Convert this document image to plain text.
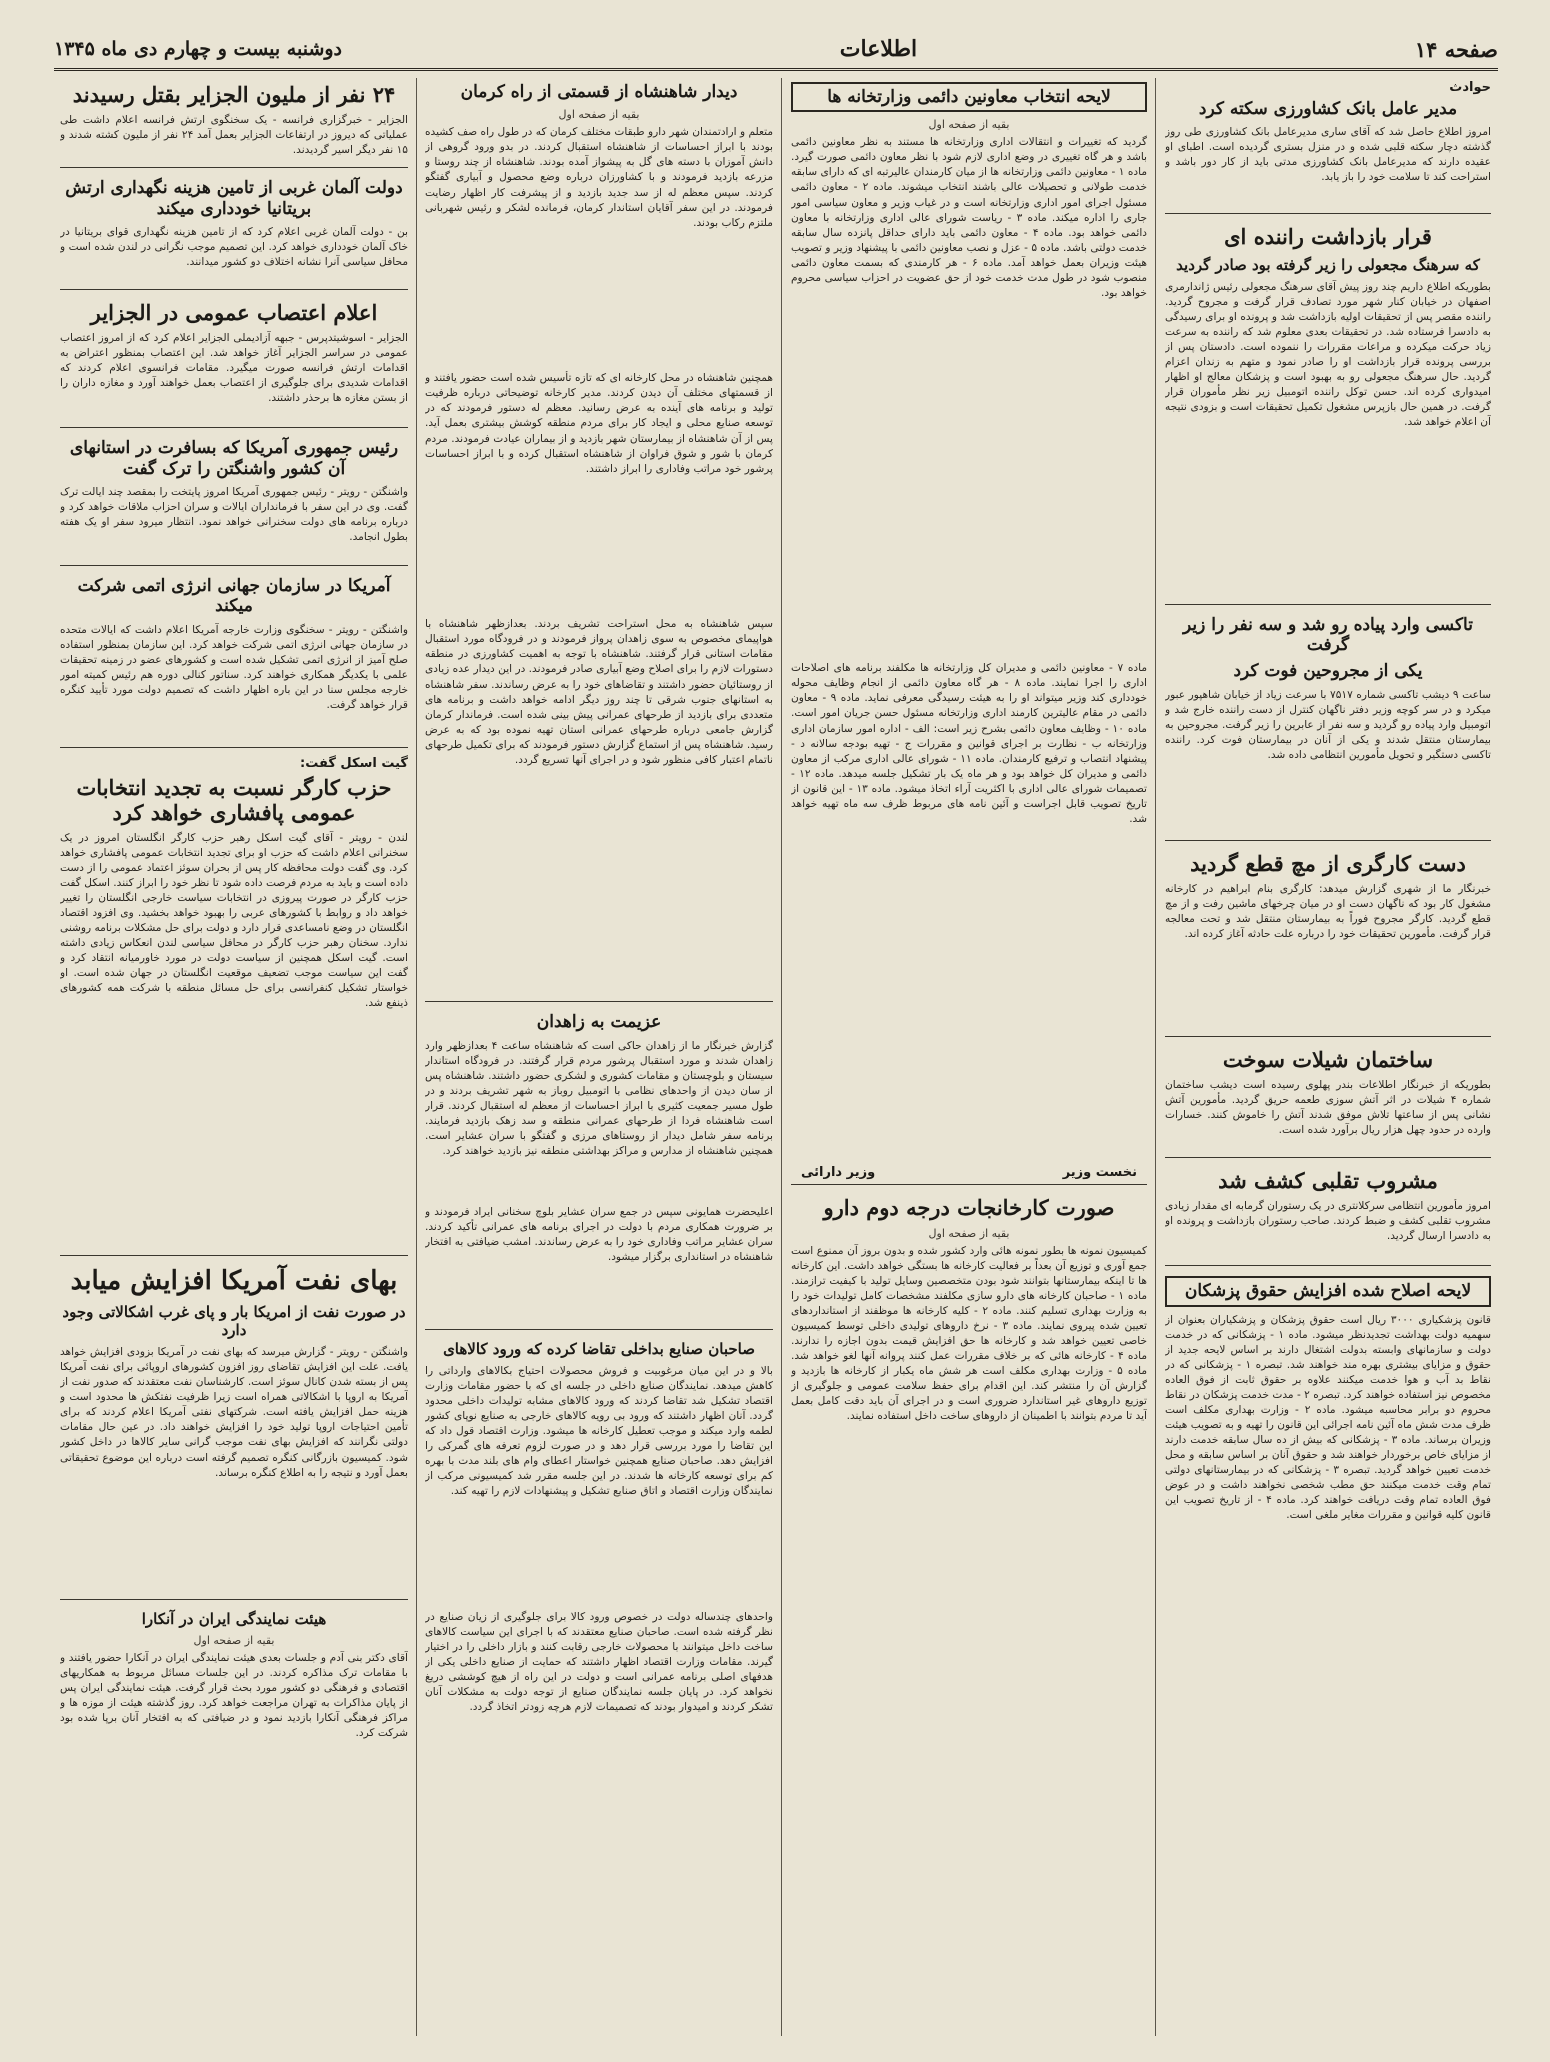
صفحه ۱۴
اطلاعات
دوشنبه بیست و چهارم دی ماه ۱۳۴۵
حوادث
مدیر عامل بانک کشاورزی سکته کرد

امروز اطلاع حاصل شد که آقای ساری مدیرعامل بانک کشاورزی طی روز گذشته دچار سکته قلبی شده و در منزل بستری گردیده است. اطبای او عقیده دارند که مدیرعامل بانک کشاورزی مدتی باید از کار دور باشد و استراحت کند تا سلامت خود را باز یابد.

قرار بازداشت راننده ای
که سرهنگ مجعولی را زیر گرفته بود صادر گردید

بطوریکه اطلاع داریم چند روز پیش آقای سرهنگ مجعولی رئیس ژاندارمری اصفهان در خیابان کنار شهر مورد تصادف قرار گرفت و مجروح گردید. راننده مقصر پس از تحقیقات اولیه بازداشت شد و پرونده او برای رسیدگی به دادسرا فرستاده شد. در تحقیقات بعدی معلوم شد که راننده به سرعت زیاد حرکت میکرده و مراعات مقررات را ننموده است. دادستان پس از بررسی پرونده قرار بازداشت او را صادر نمود و متهم به زندان اعزام گردید. حال سرهنگ مجعولی رو به بهبود است و پزشکان معالج او اظهار امیدواری کرده اند. حسن توکل راننده اتومبیل زیر نظر مأموران قرار گرفت. در همین حال بازپرس مشغول تکمیل تحقیقات است و بزودی نتیجه آن اعلام خواهد شد.

تاکسی وارد پیاده رو شد و سه نفر را زیر گرفت
یکی از مجروحین فوت کرد

ساعت ۹ دیشب تاکسی شماره ۷۵۱۷ با سرعت زیاد از خیابان شاهپور عبور میکرد و در سر کوچه وزیر دفتر ناگهان کنترل از دست راننده خارج شد و اتومبیل وارد پیاده رو گردید و سه نفر از عابرین را زیر گرفت. مجروحین به بیمارستان منتقل شدند و یکی از آنان در بیمارستان فوت کرد. راننده تاکسی دستگیر و تحویل مأمورین انتظامی داده شد.

دست کارگری از مچ قطع گردید

خبرنگار ما از شهری گزارش میدهد: کارگری بنام ابراهیم در کارخانه مشغول کار بود که ناگهان دست او در میان چرخهای ماشین رفت و از مچ قطع گردید. کارگر مجروح فوراً به بیمارستان منتقل شد و تحت معالجه قرار گرفت. مأمورین تحقیقات خود را درباره علت حادثه آغاز کرده اند.

ساختمان شیلات سوخت

بطوریکه از خبرنگار اطلاعات بندر پهلوی رسیده است دیشب ساختمان شماره ۴ شیلات در اثر آتش سوزی طعمه حریق گردید. مأمورین آتش نشانی پس از ساعتها تلاش موفق شدند آتش را خاموش کنند. خسارات وارده در حدود چهل هزار ریال برآورد شده است.

مشروب تقلبی کشف شد

امروز مأمورین انتظامی سرکلانتری در یک رستوران گرمابه ای مقدار زیادی مشروب تقلبی کشف و ضبط کردند. صاحب رستوران بازداشت و پرونده او به دادسرا ارسال گردید.

لایحه اصلاح شده افزایش حقوق پزشکان

قانون پزشکیاری ۳۰۰۰ ریال است حقوق پزشکان و پزشکیاران بعنوان از سهمیه دولت بهداشت تجدیدنظر میشود. ماده ۱ - پزشکانی که در خدمت دولت و سازمانهای وابسته بدولت اشتغال دارند بر اساس لایحه جدید از حقوق و مزایای بیشتری بهره مند خواهند شد. تبصره ۱ - پزشکانی که در نقاط بد آب و هوا خدمت میکنند علاوه بر حقوق ثابت از فوق العاده مخصوص نیز استفاده خواهند کرد. تبصره ۲ - مدت خدمت پزشکان در نقاط محروم دو برابر محاسبه میشود. ماده ۲ - وزارت بهداری مکلف است ظرف مدت شش ماه آئین نامه اجرائی این قانون را تهیه و به تصویب هیئت وزیران برساند. ماده ۳ - پزشکانی که بیش از ده سال سابقه خدمت دارند از مزایای خاص برخوردار خواهند شد و حقوق آنان بر اساس سابقه و محل خدمت تعیین خواهد گردید. تبصره ۳ - پزشکانی که در بیمارستانهای دولتی تمام وقت خدمت میکنند حق مطب شخصی نخواهند داشت و در عوض فوق العاده تمام وقت دریافت خواهند کرد. ماده ۴ - از تاریخ تصویب این قانون کلیه قوانین و مقررات مغایر ملغی است.

لایحه انتخاب معاونین دائمی وزارتخانه ها
بقیه از صفحه اول

گردید که تغییرات و انتقالات اداری وزارتخانه ها مستند به نظر معاونین دائمی باشد و هر گاه تغییری در وضع اداری لازم شود با نظر معاون دائمی صورت گیرد. ماده ۱ - معاونین دائمی وزارتخانه ها از میان کارمندان عالیرتبه ای که دارای سابقه خدمت طولانی و تحصیلات عالی باشند انتخاب میشوند. ماده ۲ - معاون دائمی مسئول اجرای امور اداری وزارتخانه است و در غیاب وزیر و معاون سیاسی امور جاری را اداره میکند. ماده ۳ - ریاست شورای عالی اداری وزارتخانه با معاون دائمی خواهد بود. ماده ۴ - معاون دائمی باید دارای حداقل پانزده سال سابقه خدمت دولتی باشد. ماده ۵ - عزل و نصب معاونین دائمی با پیشنهاد وزیر و تصویب هیئت وزیران بعمل خواهد آمد. ماده ۶ - هر کارمندی که بسمت معاون دائمی منصوب شود در طول مدت خدمت خود از حق عضویت در احزاب سیاسی محروم خواهد بود.

ماده ۷ - معاونین دائمی و مدیران کل وزارتخانه ها مکلفند برنامه های اصلاحات اداری را اجرا نمایند. ماده ۸ - هر گاه معاون دائمی از انجام وظایف محوله خودداری کند وزیر میتواند او را به هیئت رسیدگی معرفی نماید. ماده ۹ - معاون دائمی در مقام عالیترین کارمند اداری وزارتخانه مسئول حسن جریان امور است. ماده ۱۰ - وظایف معاون دائمی بشرح زیر است: الف - اداره امور سازمان اداری وزارتخانه ب - نظارت بر اجرای قوانین و مقررات ج - تهیه بودجه سالانه د - پیشنهاد انتصاب و ترفیع کارمندان. ماده ۱۱ - شورای عالی اداری مرکب از معاون دائمی و مدیران کل خواهد بود و هر ماه یک بار تشکیل جلسه میدهد. ماده ۱۲ - تصمیمات شورای عالی اداری با اکثریت آراء اتخاذ میشود. ماده ۱۳ - این قانون از تاریخ تصویب قابل اجراست و آئین نامه های مربوط ظرف سه ماه تهیه خواهد شد.

نخست وزیر
وزیر دارائی
صورت کارخانجات درجه دوم دارو
بقیه از صفحه اول

کمیسیون نمونه ها بطور نمونه هائی وارد کشور شده و بدون بروز آن ممنوع است جمع آوری و توزیع آن بعداً بر فعالیت کارخانه ها بستگی خواهد داشت. این کارخانه ها تا اینکه بیمارستانها بتوانند شود بودن متخصصین وسایل تولید با کیفیت ترازمند. ماده ۱ - صاحبان کارخانه های دارو سازی مکلفند مشخصات کامل تولیدات خود را به وزارت بهداری تسلیم کنند. ماده ۲ - کلیه کارخانه ها موظفند از استانداردهای تعیین شده پیروی نمایند. ماده ۳ - نرخ داروهای تولیدی داخلی توسط کمیسیون خاصی تعیین خواهد شد و کارخانه ها حق افزایش قیمت بدون اجازه را ندارند. ماده ۴ - کارخانه هائی که بر خلاف مقررات عمل کنند پروانه آنها لغو خواهد شد. ماده ۵ - وزارت بهداری مکلف است هر شش ماه یکبار از کارخانه ها بازدید و گزارش آن را منتشر کند. این اقدام برای حفظ سلامت عمومی و جلوگیری از توزیع داروهای غیر استاندارد ضروری است و در اجرای آن باید دقت کامل بعمل آید تا مردم بتوانند با اطمینان از داروهای ساخت داخل استفاده نمایند.

دیدار شاهنشاه از قسمتی از راه کرمان
بقیه از صفحه اول

متعلم و ارادتمندان شهر دارو طبقات مختلف کرمان که در طول راه صف کشیده بودند با ابراز احساسات از شاهنشاه استقبال کردند. در بدو ورود گروهی از دانش آموزان با دسته های گل به پیشواز آمده بودند. شاهنشاه از چند روستا و مزرعه بازدید فرمودند و با کشاورزان درباره وضع محصول و آبیاری گفتگو کردند. سپس معظم له از سد جدید بازدید و از پیشرفت کار اظهار رضایت فرمودند. در این سفر آقایان استاندار کرمان، فرمانده لشکر و رئیس شهربانی ملتزم رکاب بودند.

همچنین شاهنشاه در محل کارخانه ای که تازه تأسیس شده است حضور یافتند و از قسمتهای مختلف آن دیدن کردند. مدیر کارخانه توضیحاتی درباره ظرفیت تولید و برنامه های آینده به عرض رسانید. معظم له دستور فرمودند که در توسعه صنایع محلی و ایجاد کار برای مردم منطقه کوشش بیشتری بعمل آید. پس از آن شاهنشاه از بیمارستان شهر بازدید و از بیماران عیادت فرمودند. مردم کرمان با شور و شوق فراوان از شاهنشاه استقبال کرده و با ابراز احساسات پرشور خود مراتب وفاداری را ابراز داشتند.

سپس شاهنشاه به محل استراحت تشریف بردند. بعدازظهر شاهنشاه با هواپیمای مخصوص به سوی زاهدان پرواز فرمودند و در فرودگاه مورد استقبال مقامات استانی قرار گرفتند. شاهنشاه با توجه به اهمیت کشاورزی در منطقه دستورات لازم را برای اصلاح وضع آبیاری صادر فرمودند. در این دیدار عده زیادی از روستائیان حضور داشتند و تقاضاهای خود را به عرض رساندند. سفر شاهنشاه به استانهای جنوب شرقی تا چند روز دیگر ادامه خواهد داشت و برنامه های متعددی برای بازدید از طرحهای عمرانی پیش بینی شده است. فرماندار کرمان گزارش جامعی درباره طرحهای عمرانی استان تهیه نموده بود که به عرض رسید. شاهنشاه پس از استماع گزارش دستور فرمودند که برای تکمیل طرحهای ناتمام اعتبار کافی منظور شود و در اجرای آنها تسریع گردد.

عزیمت به زاهدان

گزارش خبرنگار ما از زاهدان حاکی است که شاهنشاه ساعت ۴ بعدازظهر وارد زاهدان شدند و مورد استقبال پرشور مردم قرار گرفتند. در فرودگاه استاندار سیستان و بلوچستان و مقامات کشوری و لشکری حضور داشتند. شاهنشاه پس از سان دیدن از واحدهای نظامی با اتومبیل روباز به شهر تشریف بردند و در طول مسیر جمعیت کثیری با ابراز احساسات از معظم له استقبال کردند. قرار است شاهنشاه فردا از طرحهای عمرانی منطقه و سد زهک بازدید فرمایند. برنامه سفر شامل دیدار از روستاهای مرزی و گفتگو با سران عشایر است. همچنین شاهنشاه از مدارس و مراکز بهداشتی منطقه نیز بازدید خواهند کرد.

اعلیحضرت همایونی سپس در جمع سران عشایر بلوچ سخنانی ایراد فرمودند و بر ضرورت همکاری مردم با دولت در اجرای برنامه های عمرانی تأکید کردند. سران عشایر مراتب وفاداری خود را به عرض رساندند. امشب ضیافتی به افتخار شاهنشاه در استانداری برگزار میشود.

صاحبان صنایع بداخلی تقاضا کرده که ورود کالاهای

بالا و در این میان مرغوبیت و فروش محصولات احتیاج بکالاهای وارداتی را کاهش میدهد. نمایندگان صنایع داخلی در جلسه ای که با حضور مقامات وزارت اقتصاد تشکیل شد تقاضا کردند که ورود کالاهای مشابه تولیدات داخلی محدود گردد. آنان اظهار داشتند که ورود بی رویه کالاهای خارجی به صنایع نوپای کشور لطمه وارد میکند و موجب تعطیل کارخانه ها میشود. وزارت اقتصاد قول داد که این تقاضا را مورد بررسی قرار دهد و در صورت لزوم تعرفه های گمرکی را افزایش دهد. صاحبان صنایع همچنین خواستار اعطای وام های بلند مدت با بهره کم برای توسعه کارخانه ها شدند. در این جلسه مقرر شد کمیسیونی مرکب از نمایندگان وزارت اقتصاد و اتاق صنایع تشکیل و پیشنهادات لازم را تهیه کند.

واحدهای چندساله دولت در خصوص ورود کالا برای جلوگیری از زیان صنایع در نظر گرفته شده است. صاحبان صنایع معتقدند که با اجرای این سیاست کالاهای ساخت داخل میتوانند با محصولات خارجی رقابت کنند و بازار داخلی را در اختیار گیرند. مقامات وزارت اقتصاد اظهار داشتند که حمایت از صنایع داخلی یکی از هدفهای اصلی برنامه عمرانی است و دولت در این راه از هیچ کوششی دریغ نخواهد کرد. در پایان جلسه نمایندگان صنایع از توجه دولت به مشکلات آنان تشکر کردند و امیدوار بودند که تصمیمات لازم هرچه زودتر اتخاذ گردد.

۲۴ نفر از ملیون الجزایر بقتل رسیدند

الجزایر - خبرگزاری فرانسه - یک سخنگوی ارتش فرانسه اعلام داشت طی عملیاتی که دیروز در ارتفاعات الجزایر بعمل آمد ۲۴ نفر از ملیون کشته شدند و ۱۵ نفر دیگر اسیر گردیدند.

دولت آلمان غربی از تامین هزینه نگهداری ارتش بریتانیا خودداری میکند

بن - دولت آلمان غربی اعلام کرد که از تامین هزینه نگهداری قوای بریتانیا در خاک آلمان خودداری خواهد کرد. این تصمیم موجب نگرانی در لندن شده است و محافل سیاسی آنرا نشانه اختلاف دو کشور میدانند.

اعلام اعتصاب عمومی در الجزایر

الجزایر - اسوشیتدپرس - جبهه آزادیملی الجزایر اعلام کرد که از امروز اعتصاب عمومی در سراسر الجزایر آغاز خواهد شد. این اعتصاب بمنظور اعتراض به اقدامات ارتش فرانسه صورت میگیرد. مقامات فرانسوی اعلام کردند که اقدامات شدیدی برای جلوگیری از اعتصاب بعمل خواهند آورد و مغازه داران را از بستن مغازه ها برحذر داشتند.

رئیس جمهوری آمریکا که بسافرت در استانهای آن کشور واشنگتن را ترک گفت

واشنگتن - رویتر - رئیس جمهوری آمریکا امروز پایتخت را بمقصد چند ایالت ترک گفت. وی در این سفر با فرمانداران ایالات و سران احزاب ملاقات خواهد کرد و درباره برنامه های دولت سخنرانی خواهد نمود. انتظار میرود سفر او یک هفته بطول انجامد.

آمریکا در سازمان جهانی انرژی اتمی شرکت میکند

واشنگتن - رویتر - سخنگوی وزارت خارجه آمریکا اعلام داشت که ایالات متحده در سازمان جهانی انرژی اتمی شرکت خواهد کرد. این سازمان بمنظور استفاده صلح آمیز از انرژی اتمی تشکیل شده است و کشورهای عضو در زمینه تحقیقات علمی با یکدیگر همکاری خواهند کرد. سناتور کنالی دوره هم رئیس کمیته امور خارجه مجلس سنا در این باره اظهار داشت که تصمیم دولت مورد تأیید کنگره قرار خواهد گرفت.

گیت اسکل گفت:
حزب کارگر نسبت به تجدید انتخابات عمومی پافشاری خواهد کرد

لندن - رویتر - آقای گیت اسکل رهبر حزب کارگر انگلستان امروز در یک سخنرانی اعلام داشت که حزب او برای تجدید انتخابات عمومی پافشاری خواهد کرد. وی گفت دولت محافظه کار پس از بحران سوئز اعتماد عمومی را از دست داده است و باید به مردم فرصت داده شود تا نظر خود را ابراز کنند. اسکل گفت حزب کارگر در صورت پیروزی در انتخابات سیاست خارجی انگلستان را تغییر خواهد داد و روابط با کشورهای عربی را بهبود خواهد بخشید. وی افزود اقتصاد انگلستان در وضع نامساعدی قرار دارد و دولت برای حل مشکلات برنامه روشنی ندارد. سخنان رهبر حزب کارگر در محافل سیاسی لندن انعکاس زیادی داشته است. گیت اسکل همچنین از سیاست دولت در مورد خاورمیانه انتقاد کرد و گفت این سیاست موجب تضعیف موقعیت انگلستان در جهان شده است. او خواستار تشکیل کنفرانسی برای حل مسائل منطقه با شرکت همه کشورهای ذینفع شد.

بهای نفت آمریکا افزایش میابد
در صورت نفت از امریکا بار و پای غرب اشکالاتی وجود دارد

واشنگتن - رویتر - گزارش میرسد که بهای نفت در آمریکا بزودی افزایش خواهد یافت. علت این افزایش تقاضای روز افزون کشورهای اروپائی برای نفت آمریکا پس از بسته شدن کانال سوئز است. کارشناسان نفت معتقدند که صدور نفت از آمریکا به اروپا با اشکالاتی همراه است زیرا ظرفیت نفتکش ها محدود است و هزینه حمل افزایش یافته است. شرکتهای نفتی آمریکا اعلام کردند که برای تأمین احتیاجات اروپا تولید خود را افزایش خواهند داد. در عین حال مقامات دولتی نگرانند که افزایش بهای نفت موجب گرانی سایر کالاها در داخل کشور شود. کمیسیون بازرگانی کنگره تصمیم گرفته است درباره این موضوع تحقیقاتی بعمل آورد و نتیجه را به اطلاع کنگره برساند.

هیئت نمایندگی ایران در آنکارا
بقیه از صفحه اول

آقای دکتر بنی آدم و جلسات بعدی هیئت نمایندگی ایران در آنکارا حضور یافتند و با مقامات ترک مذاکره کردند. در این جلسات مسائل مربوط به همکاریهای اقتصادی و فرهنگی دو کشور مورد بحث قرار گرفت. هیئت نمایندگی ایران پس از پایان مذاکرات به تهران مراجعت خواهد کرد. روز گذشته هیئت از موزه ها و مراکز فرهنگی آنکارا بازدید نمود و در ضیافتی که به افتخار آنان برپا شده بود شرکت کرد.
